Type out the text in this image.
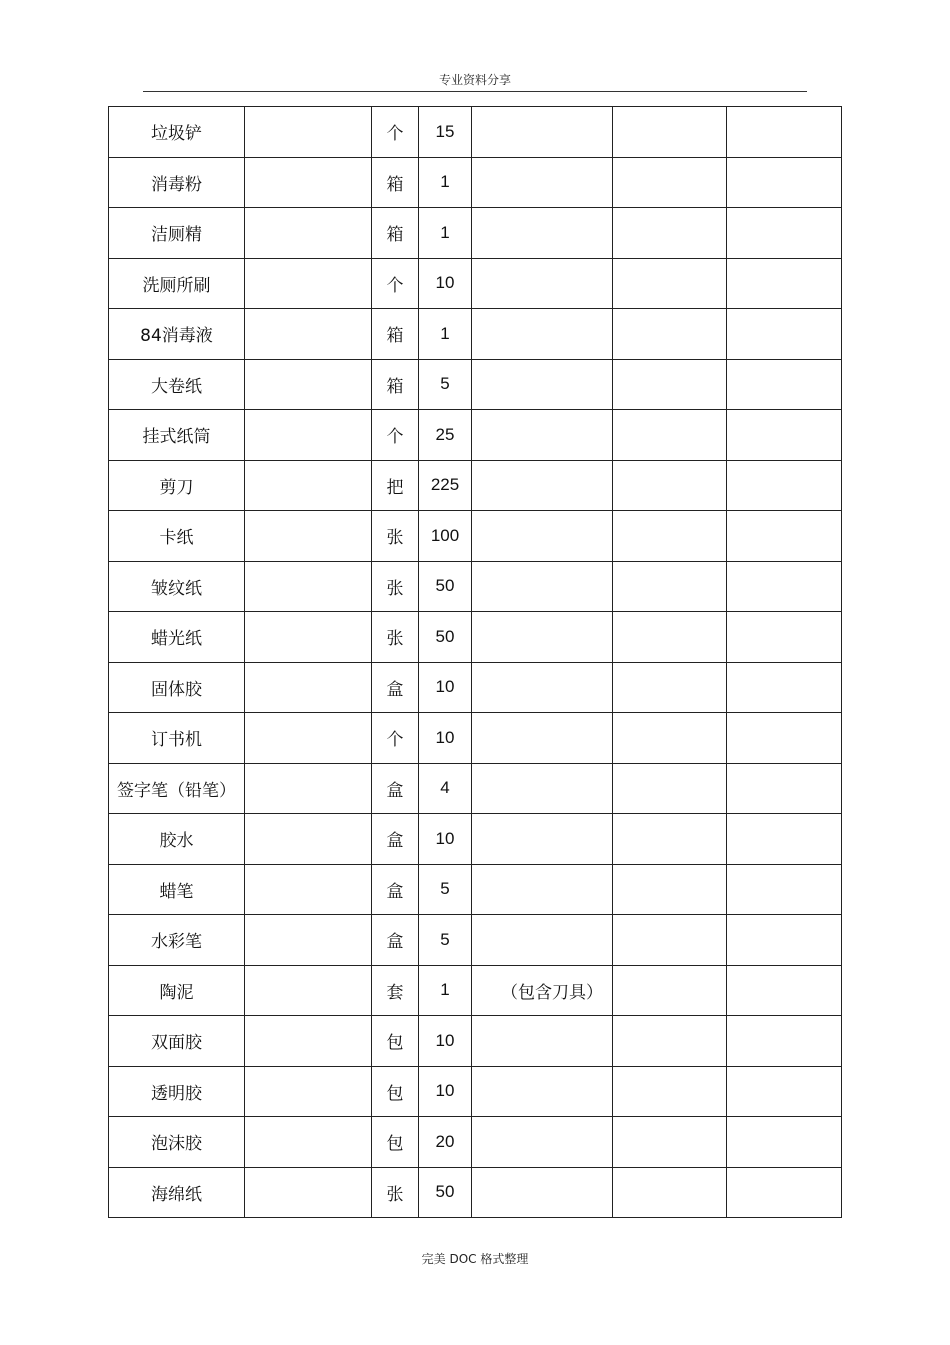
专业资料分享
垃圾铲		个	15			
消毒粉		箱	1			
洁厕精		箱	1			
洗厕所刷		个	10			
84消毒液		箱	1			
大卷纸		箱	5			
挂式纸筒		个	25			
剪刀		把	225			
卡纸		张	100			
皱纹纸		张	50			
蜡光纸		张	50			
固体胶		盒	10			
订书机		个	10			
签字笔（铅笔）		盒	4			
胶水		盒	10			
蜡笔		盒	5			
水彩笔		盒	5			
陶泥		套	1	（包含刀具）		
双面胶		包	10			
透明胶		包	10			
泡沫胶		包	20			
海绵纸		张	50			
完美 DOC 格式整理
